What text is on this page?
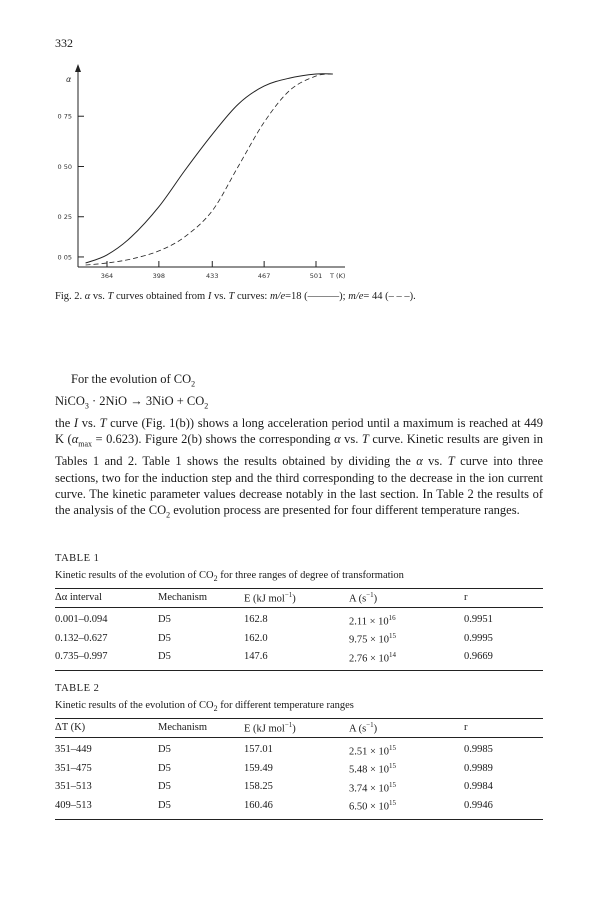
332
α
0 05
0 25
0 50
0 75
364	398	433	467	501 T (K)
Fig. 2. α vs. T curves obtained from I vs. T curves: m/e=18 (———); m/e= 44 (– – –).

For the evolution of $CO_2$

NiCO$_3$ · $2NiO \to 3NiO + CO_2$

the I vs. T curve (Fig. 1(b)) shows a long acceleration period until a maximum is reached at 449 K $(\alpha_{max} = 0.623)$. Figure 2(b) shows the corresponding α vs. T curve. Kinetic results are given in Tables 1 and 2. Table 1 shows the results obtained by dividing the α vs. T curve into three sections, two for the induction step and the third corresponding to the decrease in the ion current curve. The kinetic parameter values decrease notably in the last section. In Table 2 the results of the analysis of the $CO_2$ evolution process are presented for four different temperature ranges.

TABLE 1
Kinetic results of the evolution of $CO_2$ for three ranges of degree of transformation
Δα interval	Mechanism	E (kJ mol$^{-1}$)	A $(s^{-1})$	r
0.001–0.094	D5	162.8	$2.11 \times 10^{16}$	0.9951
0.132–0.627	D5	162.0	$9.75 \times 10^{15}$	0.9995
0.735–0.997	D5	147.6	$2.76 \times 10^{14}$	0.9669
TABLE 2
Kinetic results of the evolution of $CO_2$ for different temperature ranges
ΔT (K)	Mechanism	E (kJ mol$^{-1}$)	A $(s^{-1})$	r
351–449	D5	157.01	$2.51 \times 10^{15}$	0.9985
351–475	D5	159.49	$5.48 \times 10^{15}$	0.9989
351–513	D5	158.25	$3.74 \times 10^{15}$	0.9984
409–513	D5	160.46	$6.50 \times 10^{15}$	0.9946
